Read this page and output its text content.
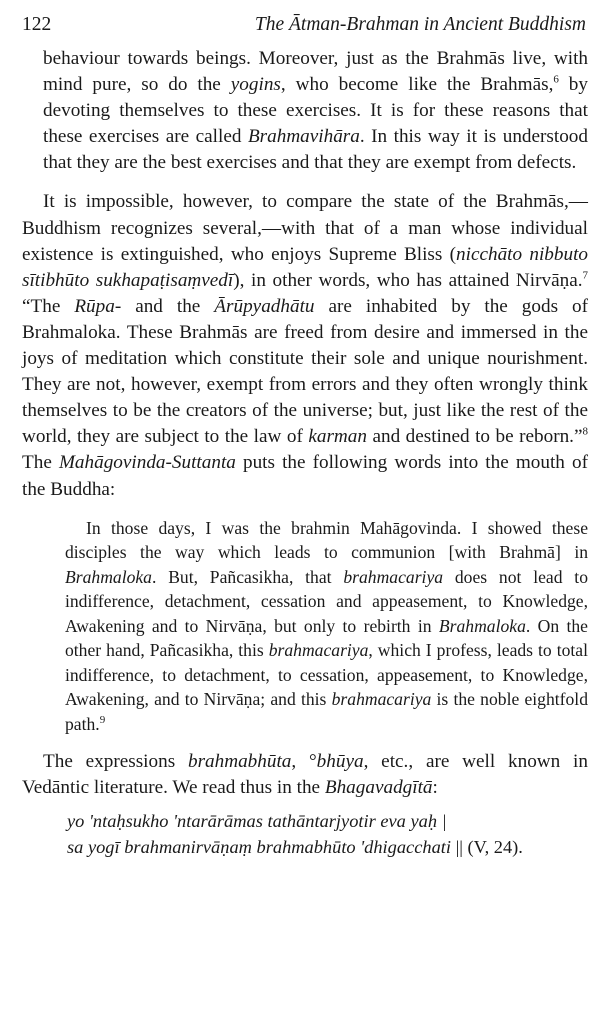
122	The Ātman-Brahman in Ancient Buddhism

behaviour towards beings. Moreover, just as the Brahmās live, with mind pure, so do the yogins, who become like the Brahmās,$^6$ by devoting themselves to these exercises. It is for these reasons that these exercises are called Brahmavihāra. In this way it is understood that they are the best exercises and that they are exempt from defects.

It is impossible, however, to compare the state of the Brahmās,—Buddhism recognizes several,—with that of a man whose individual existence is extinguished, who enjoys Supreme Bliss (nicchāto nibbuto sītibhūto sukhapaṭisaṃvedī), in other words, who has attained Nirvāṇa.$^7$ “The Rūpa- and the Ārūpyadhātu are inhabited by the gods of Brahmaloka. These Brahmās are freed from desire and immersed in the joys of meditation which constitute their sole and unique nourishment. They are not, however, exempt from errors and they often wrongly think themselves to be the creators of the universe; but, just like the rest of the world, they are subject to the law of karman and destined to be reborn.”$^8$ The Mahāgovinda-Suttanta puts the following words into the mouth of the Buddha:

In those days, I was the brahmin Mahāgovinda. I showed these disciples the way which leads to communion [with Brahmā] in Brahmaloka. But, Pañcasikha, that brahmacariya does not lead to indifference, detachment, cessation and appeasement, to Knowledge, Awakening and to Nirvāṇa, but only to rebirth in Brahmaloka. On the other hand, Pañcasikha, this brahmacariya, which I profess, leads to total indifference, to detachment, to cessation, appeasement, to Knowledge, Awakening, and to Nirvāṇa; and this brahmacariya is the noble eightfold path.$^9$

The expressions brahmabhūta, °bhūya, etc., are well known in Vedāntic literature. We read thus in the Bhagavadgītā:

yo 'ntaḥsukho 'ntarārāmas tathāntarjyotir eva yaḥ |
sa yogī brahmanirvāṇaṃ brahmabhūto 'dhigacchati || (V, 24).
